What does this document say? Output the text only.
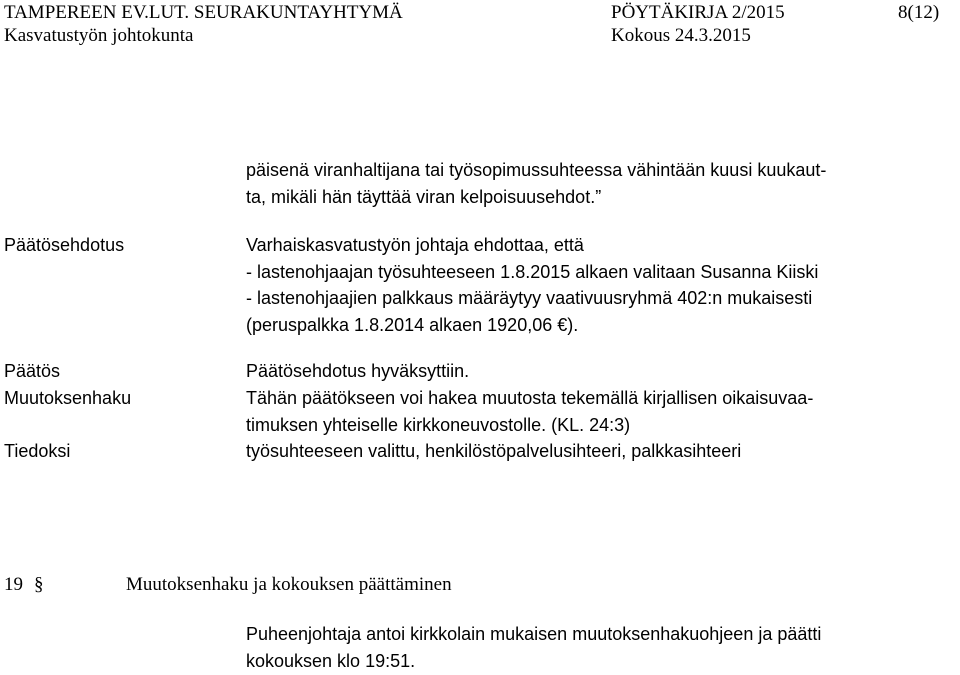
TAMPEREEN EV.LUT. SEURAKUNTAYHTYMÄ
Kasvatustyön johtokunta
PÖYTÄKIRJA 2/2015
Kokous 24.3.2015
8(12)
päisenä viranhaltijana tai työsopimussuhteessa vähintään kuusi kuukaut-
ta, mikäli hän täyttää viran kelpoisuusehdot.”
Päätösehdotus
Päätös
Muutoksenhaku
Tiedoksi
Varhaiskasvatustyön johtaja ehdottaa, että
- lastenohjaajan työsuhteeseen 1.8.2015 alkaen valitaan Susanna Kiiski
- lastenohjaajien palkkaus määräytyy vaativuusryhmä 402:n mukaisesti
(peruspalkka 1.8.2014 alkaen 1920,06 €).
Päätösehdotus hyväksyttiin.
Tähän päätökseen voi hakea muutosta tekemällä kirjallisen oikaisuvaa-
timuksen yhteiselle kirkkoneuvostolle. (KL. 24:3)
työsuhteeseen valittu, henkilöstöpalvelusihteeri, palkkasihteeri
19 §	Muutoksenhaku ja kokouksen päättäminen
Puheenjohtaja antoi kirkkolain mukaisen muutoksenhakuohjeen ja päätti
kokouksen klo 19:51.
